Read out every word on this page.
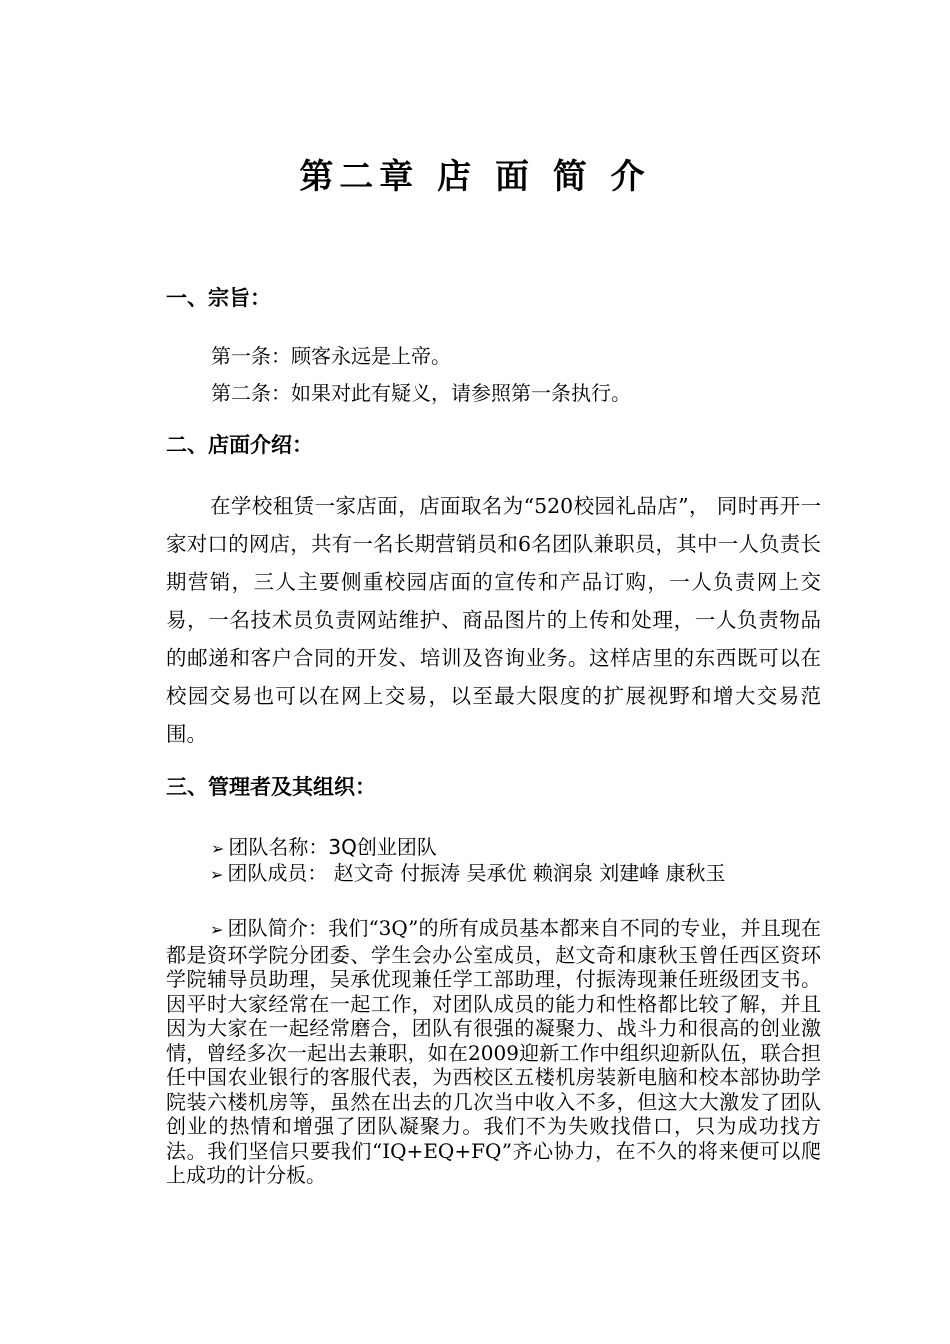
第二章 店 面 简 介
一、宗旨：

第一条：顾客永远是上帝。

第二条：如果对此有疑义，请参照第一条执行。

二、店面介绍：

在学校租赁一家店面，店面取名为“520校园礼品店”， 同时再开一家对口的网店，共有一名长期营销员和6名团队兼职员，其中一人负责长期营销，三人主要侧重校园店面的宣传和产品订购，一人负责网上交易，一名技术员负责网站维护、商品图片的上传和处理，一人负责物品的邮递和客户合同的开发、培训及咨询业务。这样店里的东西既可以在校园交易也可以在网上交易，以至最大限度的扩展视野和增大交易范围。

三、管理者及其组织：

➢ 团队名称：3Q创业团队

➢ 团队成员： 赵文奇 付振涛 吴承优 赖润泉 刘建峰 康秋玉

➢ 团队简介：我们“3Q”的所有成员基本都来自不同的专业，并且现在都是资环学院分团委、学生会办公室成员，赵文奇和康秋玉曾任西区资环学院辅导员助理，吴承优现兼任学工部助理，付振涛现兼任班级团支书。因平时大家经常在一起工作，对团队成员的能力和性格都比较了解，并且因为大家在一起经常磨合，团队有很强的凝聚力、战斗力和很高的创业激情，曾经多次一起出去兼职，如在2009迎新工作中组织迎新队伍，联合担任中国农业银行的客服代表，为西校区五楼机房装新电脑和校本部协助学院装六楼机房等，虽然在出去的几次当中收入不多，但这大大激发了团队创业的热情和增强了团队凝聚力。我们不为失败找借口，只为成功找方法。我们坚信只要我们“IQ+EQ+FQ”齐心协力，在不久的将来便可以爬上成功的计分板。
